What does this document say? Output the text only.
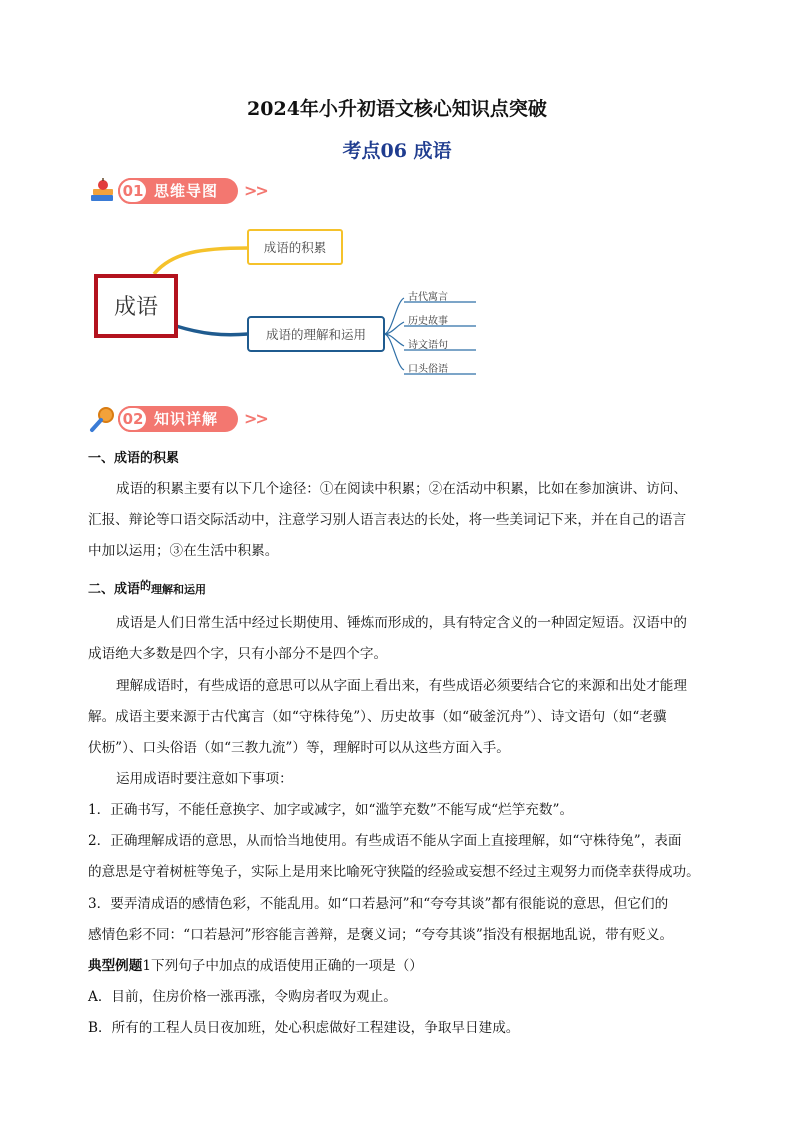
2024年小升初语文核心知识点突破
考点06 成语
01 思维导图 >>
成语
成语的积累
成语的理解和运用
古代寓言
历史故事
诗文语句
口头俗语
02 知识详解 >>
一、成语的积累
成语的积累主要有以下几个途径：①在阅读中积累；②在活动中积累，比如在参加演讲、访问、
汇报、辩论等口语交际活动中，注意学习别人语言表达的长处，将一些美词记下来，并在自己的语言
中加以运用；③在生活中积累。
二、成语$^的$理解和运用
成语是人们日常生活中经过长期使用、锤炼而形成的，具有特定含义的一种固定短语。汉语中的
成语绝大多数是四个字，只有小部分不是四个字。
理解成语时，有些成语的意思可以从字面上看出来，有些成语必须要结合它的来源和出处才能理
解。成语主要来源于古代寓言（如“守株待兔”）、历史故事（如“破釜沉舟”）、诗文语句（如“老骥
伏枥”）、口头俗语（如“三教九流”）等，理解时可以从这些方面入手。
运用成语时要注意如下事项：
1．正确书写，不能任意换字、加字或减字，如“滥竽充数”不能写成“烂竽充数”。
2．正确理解成语的意思，从而恰当地使用。有些成语不能从字面上直接理解，如“守株待兔”，表面
的意思是守着树桩等兔子，实际上是用来比喻死守狭隘的经验或妄想不经过主观努力而侥幸获得成功。
3．要弄清成语的感情色彩，不能乱用。如“口若悬河”和“夸夸其谈”都有很能说的意思，但它们的
感情色彩不同：“口若悬河”形容能言善辩，是褒义词；“夸夸其谈”指没有根据地乱说，带有贬义。
典型例题1下列句子中加点的成语使用正确的一项是（）
A．目前，住房价格一涨再涨，令购房者叹为观止。
B．所有的工程人员日夜加班，处心积虑做好工程建设，争取早日建成。
